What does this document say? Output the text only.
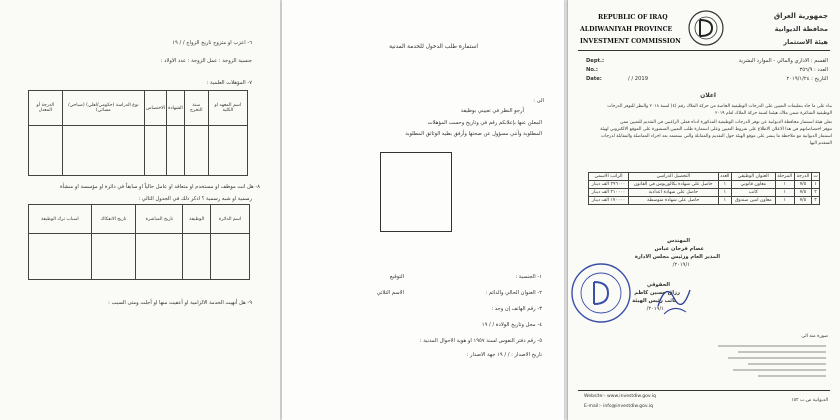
٦- اعزب او متزوج تاريخ الزواج / / ١٩
جنسية الزوجة : عمل الزوجة : عدد الاولاد :
٧- المؤهلات العلمية :
اسم المعهد او الكلية	سنة التخرج	الشهادة	الاختصاص	نوع الدراسة (حكومي/اهلي) (صباحي/مسائي)	الدرجة أو المعدل

٨- هل انت موظف او مستخدم او متعاقد او عامل حالياً او سابقاً في دائرة او مؤسسة او منشأة
رسمية او شبه رسمية ؟ اذكر ذلك في الجدول التالي :
اسم الدائرة	الوظيفة	تاريخ المباشرة	تاريخ الانفكاك	اسباب ترك الوظيفة

٩- هل أنهيت الخدمة الالزامية او أعفيت منها او أجلت ومتى السبب :
استمارة طلب الدخول للخدمة المدنية
الى :
أرجو النظر في تعييني بوظيفة
المعلن عنها بإعلانكم رقم في وتاريخ وحسب المؤهلات
المطلوبة وأنني مسؤول عن صحتها وأرفق بطيه الوثائق المطلوبة
التوقيع
الاسم الثلاثي
١- الجنسية :
٢- العنوان الحالي والدائم :
٣- رقم الهاتف إن وجد :
٤- محل وتاريخ الولادة / / ١٩
٥- رقم دفتر النفوس لسنة ١٩٥٧ او هوية الاحوال المدنية :
تاريخ الاصدار : / / ١٩ جهة الاصدار :
REPUBLIC OF IRAQ
ALDIWANIYAH PROVINCE
INVESTMENT COMMISSION
جمهورية العراق
محافظة الديوانية
هيئة الاستثمار
Dept.:
No.:
Date:	/ / 2019
القسم : الاداري والمالي - الموارد البشرية
العدد : ٣٥٦/٩
التاريخ : ٢٠١٩/١/٢٤
اعلان
بناء على ما جاء بتعليمات التعيين على الدرجات الوظيفية الخاصة من حركة الملاك رقم (٤) لسنة ٢٠١٨ والنظر للتوفر الدرجات
الوظيفية الشاغرة ضمن ملاك هيئتنا لسنة حركة الملاك لعام ٢٠١٩
تعلن هيئة استثمار محافظة الديوانية عن توفر الدرجات الوظيفية المذكورة ادناه فعلى الراغبين في التقديم للتعيين ممن
تتوفر اختصاصاتهم في هذا الاعلان الاطلاع على شروط التعيين وعلى استمارة طلب التعيين المنشورة على الموقع الالكتروني لهيئة
استثمار الديوانية مع ملاحظة ما ينشر على موقع الهيئة حول التقديم والمقابلة والتي ستعتمد بعد اجراء المفاضلة والمقابلة لدرجات
المتقدم اليها
ت	الدرجة	المرحلة	العنوان الوظيفي	العدد	التحصيل الدراسي	الراتب الاسمي
١	٧/٥	١	معاون قانوني	١	حاصل على شهادة بكالوريوس في القانون	٢٩٦٠٠٠ الف دينار
٢	٧/٥	١	كاتب	١	حاصل على شهادة اعدادية	٢١٠٠٠٠ الف دينار
٣	٧/٥	١	معاون امين صندوق	١	حاصل على شهادة متوسطة	١٧٠٠٠٠ الف دينار
المهندس
عصام فرحان عباس
المدير العام ورئيس مجلس الادارة
٢٠١٩/١/
الحقوقي
رزاق حسين كاظم
نائب رئيس الهيئة
٢٠١٩/١/
صورة منه الى
Website:- www.investdiw.gov.iq
E-mail:- info@investdiw.gov.iq
الديوانية ص.ب ١٥٢
